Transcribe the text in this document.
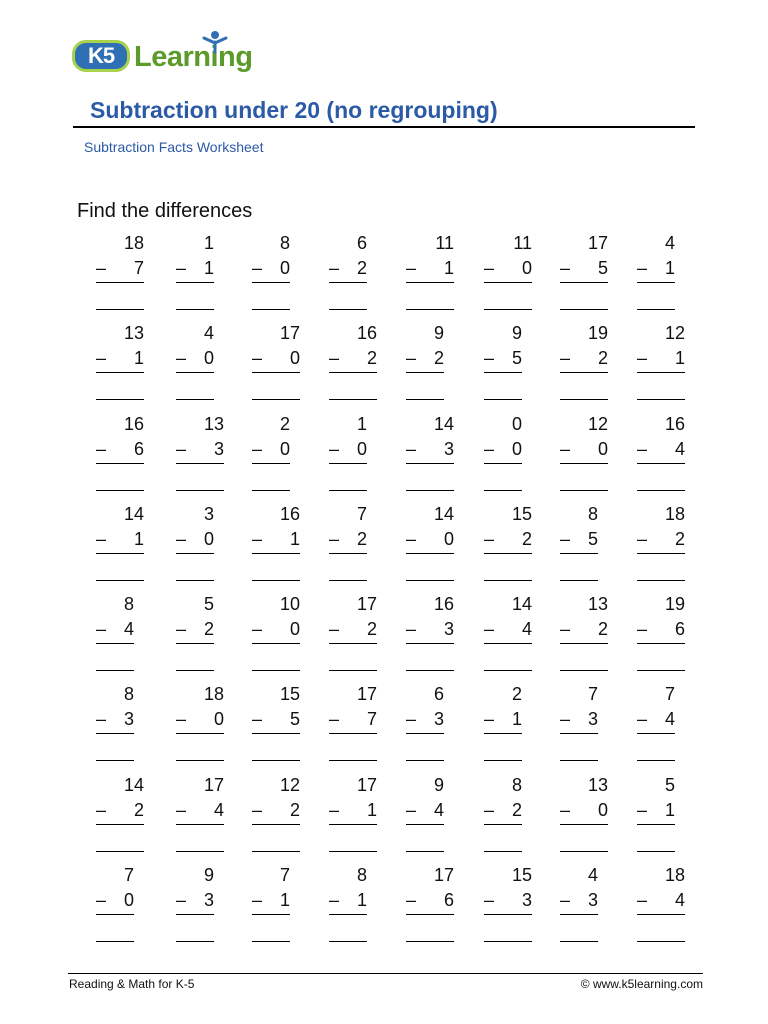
K5 Learning
Subtraction under 20 (no regrouping)
Subtraction Facts Worksheet
Find the differences
18
– 7
1
– 1
8
– 0
6
– 2
11
– 1
11
– 0
17
– 5
4
– 1
13
– 1
4
– 0
17
– 0
16
– 2
9
– 2
9
– 5
19
– 2
12
– 1
16
– 6
13
– 3
2
– 0
1
– 0
14
– 3
0
– 0
12
– 0
16
– 4
14
– 1
3
– 0
16
– 1
7
– 2
14
– 0
15
– 2
8
– 5
18
– 2
8
– 4
5
– 2
10
– 0
17
– 2
16
– 3
14
– 4
13
– 2
19
– 6
8
– 3
18
– 0
15
– 5
17
– 7
6
– 3
2
– 1
7
– 3
7
– 4
14
– 2
17
– 4
12
– 2
17
– 1
9
– 4
8
– 2
13
– 0
5
– 1
7
– 0
9
– 3
7
– 1
8
– 1
17
– 6
15
– 3
4
– 3
18
– 4
Reading & Math for K-5	© www.k5learning.com
